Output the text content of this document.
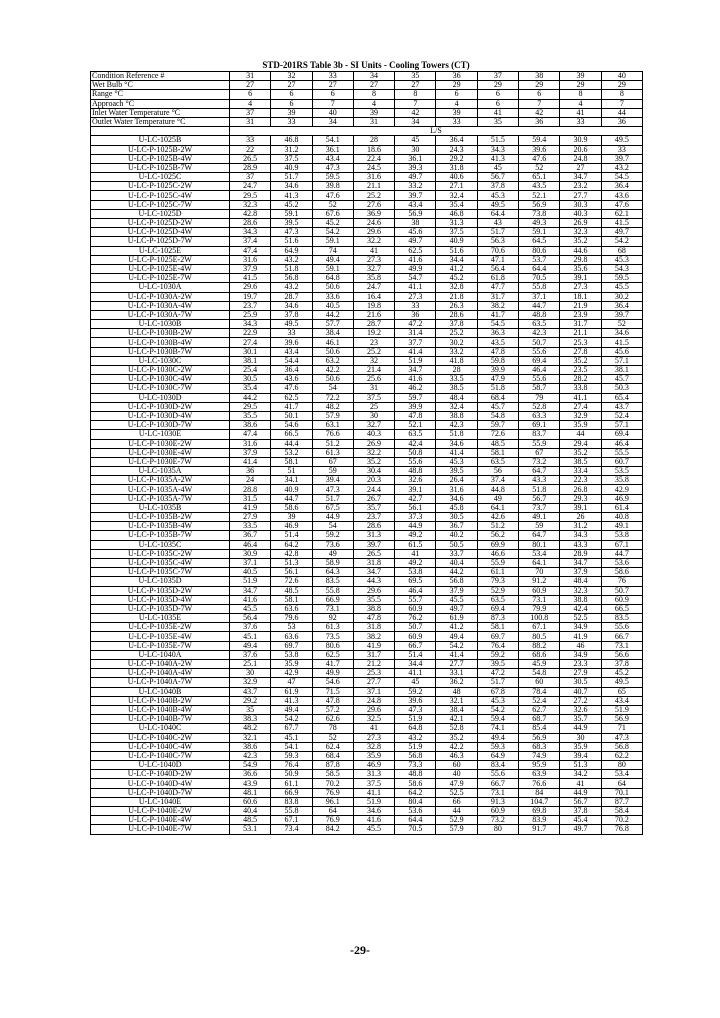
STD-201RS Table 3b - SI Units - Cooling Towers (CT)
Condition Reference #	31	32	33	34	35	36	37	38	39	40
Wet Bulb °C	27	27	27	27	27	29	29	29	29	29
Range °C	6	6	6	8	8	6	6	6	8	8
Approach °C	4	6	7	4	7	4	6	7	4	7
Inlet Water Temperature °C	37	39	40	39	42	39	41	42	41	44
Outlet Water Temperature °C	31	33	34	31	34	33	35	36	33	36
	L/S									
U-LC-1025B	33	46.8	54.1	28	45	36.4	51.5	59.4	30.9	49.5
U-LC-P-1025B-2W	22	31.2	36.1	18.6	30	24.3	34.3	39.6	20.6	33
U-LC-P-1025B-4W	26.5	37.5	43.4	22.4	36.1	29.2	41.3	47.6	24.8	39.7
U-LC-P-1025B-7W	28.9	40.9	47.3	24.5	39.3	31.8	45	52	27	43.2
U-LC-1025C	37	51.7	59.5	31.6	49.7	40.6	56.7	65.1	34.7	54.5
U-LC-P-1025C-2W	24.7	34.6	39.8	21.1	33.2	27.1	37.8	43.5	23.2	36.4
U-LC-P-1025C-4W	29.5	41.3	47.6	25.2	39.7	32.4	45.3	52.1	27.7	43.6
U-LC-P-1025C-7W	32.3	45.2	52	27.6	43.4	35.4	49.5	56.9	30.3	47.6
U-LC-1025D	42.8	59.1	67.6	36.9	56.9	46.8	64.4	73.8	40.3	62.1
U-LC-P-1025D-2W	28.6	39.5	45.2	24.6	38	31.3	43	49.3	26.9	41.5
U-LC-P-1025D-4W	34.3	47.3	54.2	29.6	45.6	37.5	51.7	59.1	32.3	49.7
U-LC-P-1025D-7W	37.4	51.6	59.1	32.2	49.7	40.9	56.3	64.5	35.2	54.2
U-LC-1025E	47.4	64.9	74	41	62.5	51.6	70.6	80.6	44.6	68
U-LC-P-1025E-2W	31.6	43.2	49.4	27.3	41.6	34.4	47.1	53.7	29.8	45.3
U-LC-P-1025E-4W	37.9	51.8	59.1	32.7	49.9	41.2	56.4	64.4	35.6	54.3
U-LC-P-1025E-7W	41.5	56.8	64.8	35.8	54.7	45.2	61.8	70.5	39.1	59.5
U-LC-1030A	29.6	43.2	50.6	24.7	41.1	32.8	47.7	55.8	27.3	45.5
U-LC-P-1030A-2W	19.7	28.7	33.6	16.4	27.3	21.8	31.7	37.1	18.1	30.2
U-LC-P-1030A-4W	23.7	34.6	40.5	19.8	33	26.3	38.2	44.7	21.9	36.4
U-LC-P-1030A-7W	25.9	37.8	44.2	21.6	36	28.6	41.7	48.8	23.9	39.7
U-LC-1030B	34.3	49.5	57.7	28.7	47.2	37.8	54.5	63.5	31.7	52
U-LC-P-1030B-2W	22.9	33	38.4	19.2	31.4	25.2	36.3	42.3	21.1	34.6
U-LC-P-1030B-4W	27.4	39.6	46.1	23	37.7	30.2	43.5	50.7	25.3	41.5
U-LC-P-1030B-7W	30.1	43.4	50.6	25.2	41.4	33.2	47.8	55.6	27.8	45.6
U-LC-1030C	38.1	54.4	63.2	32	51.9	41.8	59.8	69.4	35.2	57.1
U-LC-P-1030C-2W	25.4	36.4	42.2	21.4	34.7	28	39.9	46.4	23.5	38.1
U-LC-P-1030C-4W	30.5	43.6	50.6	25.6	41.6	33.5	47.9	55.6	28.2	45.7
U-LC-P-1030C-7W	35.4	47.6	54	31	46.2	38.5	51.8	58.7	33.8	50.3
U-LC-1030D	44.2	62.5	72.2	37.5	59.7	48.4	68.4	79	41.1	65.4
U-LC-P-1030D-2W	29.5	41.7	48.2	25	39.9	32.4	45.7	52.8	27.4	43.7
U-LC-P-1030D-4W	35.5	50.1	57.9	30	47.8	38.8	54.8	63.3	32.9	52.4
U-LC-P-1030D-7W	38.6	54.6	63.1	32.7	52.1	42.3	59.7	69.1	35.9	57.1
U-LC-1030E	47.4	66.5	76.6	40.3	63.5	51.8	72.6	83.7	44	69.4
U-LC-P-1030E-2W	31.6	44.4	51.2	26.9	42.4	34.6	48.5	55.9	29.4	46.4
U-LC-P-1030E-4W	37.9	53.2	61.3	32.2	50.8	41.4	58.1	67	35.2	55.5
U-LC-P-1030E-7W	41.4	58.1	67	35.2	55.6	45.3	63.5	73.2	38.5	60.7
U-LC-1035A	36	51	59	30.4	48.8	39.5	56	64.7	33.4	53.5
U-LC-P-1035A-2W	24	34.1	39.4	20.3	32.6	26.4	37.4	43.3	22.3	35.8
U-LC-P-1035A-4W	28.8	40.9	47.3	24.4	39.1	31.6	44.8	51.8	26.8	42.9
U-LC-P-1035A-7W	31.5	44.7	51.7	26.7	42.7	34.6	49	56.7	29.3	46.9
U-LC-1035B	41.9	58.6	67.5	35.7	56.1	45.8	64.1	73.7	39.1	61.4
U-LC-P-1035B-2W	27.9	39	44.9	23.7	37.3	30.5	42.6	49.1	26	40.8
U-LC-P-1035B-4W	33.5	46.9	54	28.6	44.9	36.7	51.2	59	31.2	49.1
U-LC-P-1035B-7W	36.7	51.4	59.2	31.3	49.2	40.2	56.2	64.7	34.3	53.8
U-LC-1035C	46.4	64.2	73.6	39.7	61.5	50.5	69.9	80.1	43.3	67.1
U-LC-P-1035C-2W	30.9	42.8	49	26.5	41	33.7	46.6	53.4	28.9	44.7
U-LC-P-1035C-4W	37.1	51.3	58.9	31.8	49.2	40.4	55.9	64.1	34.7	53.6
U-LC-P-1035C-7W	40.5	56.1	64.3	34.7	53.8	44.2	61.1	70	37.9	58.6
U-LC-1035D	51.9	72.6	83.5	44.3	69.5	56.8	79.3	91.2	48.4	76
U-LC-P-1035D-2W	34.7	48.5	55.8	29.6	46.4	37.9	52.9	60.9	32.3	50.7
U-LC-P-1035D-4W	41.6	58.1	66.9	35.5	55.7	45.5	63.5	73.1	38.8	60.9
U-LC-P-1035D-7W	45.5	63.6	73.1	38.8	60.9	49.7	69.4	79.9	42.4	66.5
U-LC-1035E	56.4	79.6	92	47.8	76.2	61.9	87.3	100.8	52.5	83.5
U-LC-P-1035E-2W	37.6	53	61.3	31.8	50.7	41.2	58.1	67.1	34.9	55.6
U-LC-P-1035E-4W	45.1	63.6	73.5	38.2	60.9	49.4	69.7	80.5	41.9	66.7
U-LC-P-1035E-7W	49.4	69.7	80.6	41.9	66.7	54.2	76.4	88.2	46	73.1
U-LC-1040A	37.6	53.8	62.5	31.7	51.4	41.4	59.2	68.6	34.9	56.6
U-LC-P-1040A-2W	25.1	35.9	41.7	21.2	34.4	27.7	39.5	45.9	23.3	37.8
U-LC-P-1040A-4W	30	42.9	49.9	25.3	41.1	33.1	47.2	54.8	27.9	45.2
U-LC-P-1040A-7W	32.9	47	54.6	27.7	45	36.2	51.7	60	30.5	49.5
U-LC-1040B	43.7	61.9	71.5	37.1	59.2	48	67.8	78.4	40.7	65
U-LC-P-1040B-2W	29.2	41.3	47.8	24.8	39.6	32.1	45.3	52.4	27.2	43.4
U-LC-P-1040B-4W	35	49.4	57.2	29.6	47.3	38.4	54.2	62.7	32.6	51.9
U-LC-P-1040B-7W	38.3	54.2	62.6	32.5	51.9	42.1	59.4	68.7	35.7	56.9
U-LC-1040C	48.2	67.7	78	41	64.8	52.8	74.1	85.4	44.9	71
U-LC-P-1040C-2W	32.1	45.1	52	27.3	43.2	35.2	49.4	56.9	30	47.3
U-LC-P-1040C-4W	38.6	54.1	62.4	32.8	51.9	42.2	59.3	68.3	35.9	56.8
U-LC-P-1040C-7W	42.3	59.3	68.4	35.9	56.8	46.3	64.9	74.9	39.4	62.2
U-LC-1040D	54.9	76.4	87.8	46.9	73.3	60	83.4	95.9	51.3	80
U-LC-P-1040D-2W	36.6	50.9	58.5	31.3	48.8	40	55.6	63.9	34.2	53.4
U-LC-P-1040D-4W	43.9	61.1	70.2	37.5	58.6	47.9	66.7	76.6	41	64
U-LC-P-1040D-7W	48.1	66.9	76.9	41.1	64.2	52.5	73.1	84	44.9	70.1
U-LC-1040E	60.6	83.8	96.1	51.9	80.4	66	91.3	104.7	56.7	87.7
U-LC-P-1040E-2W	40.4	55.8	64	34.6	53.6	44	60.9	69.8	37.8	58.4
U-LC-P-1040E-4W	48.5	67.1	76.9	41.6	64.4	52.9	73.2	83.9	45.4	70.2
U-LC-P-1040E-7W	53.1	73.4	84.2	45.5	70.5	57.9	80	91.7	49.7	76.8
-29-
